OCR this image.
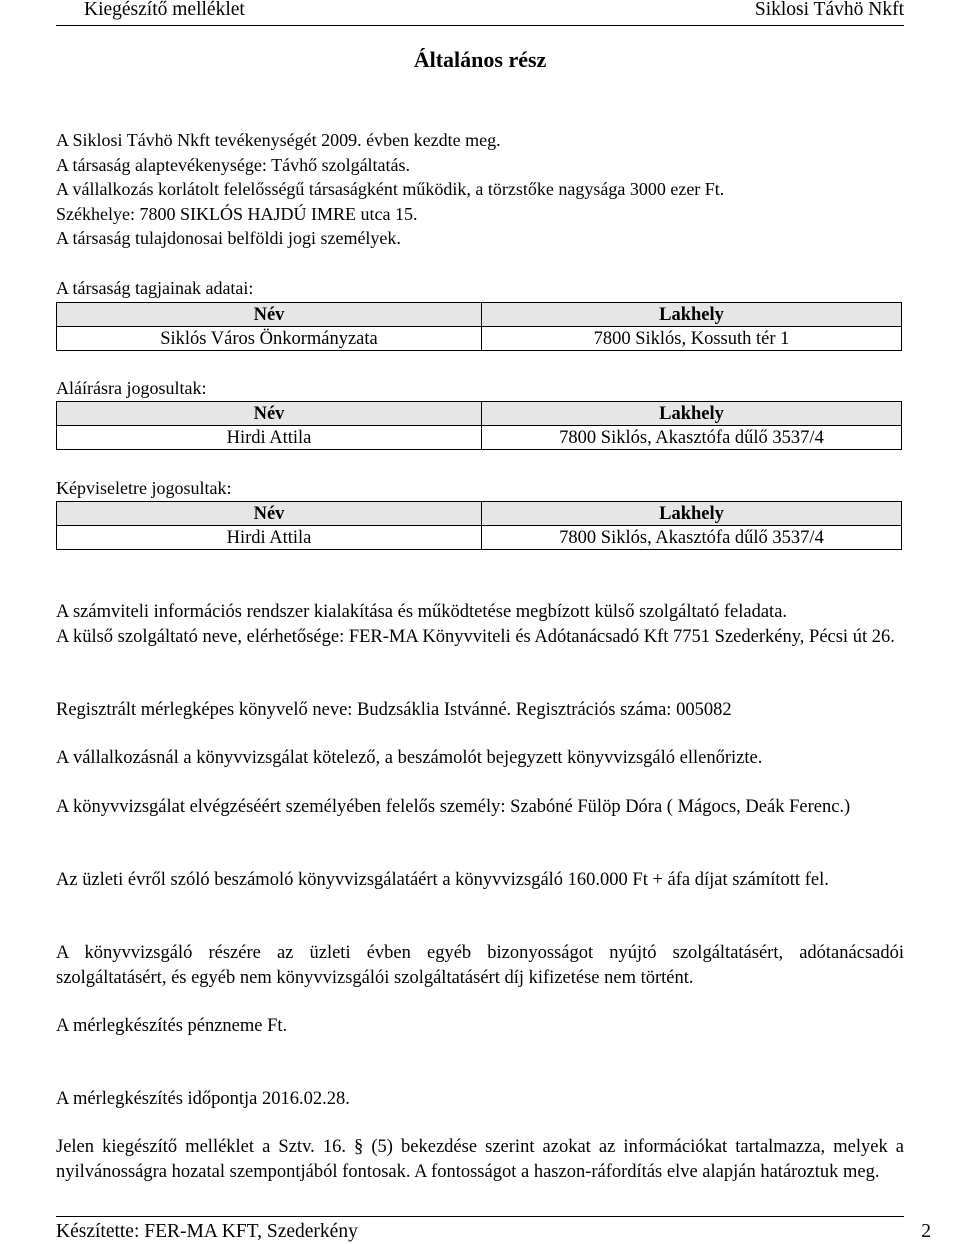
Kiegészítő melléklet	Siklosi Távhö Nkft
Általános rész
A Siklosi Távhö Nkft tevékenységét 2009. évben kezdte meg.
A társaság alaptevékenysége: Távhő szolgáltatás.
A vállalkozás korlátolt felelősségű társaságként működik, a törzstőke nagysága 3000 ezer Ft.
Székhelye: 7800 SIKLÓS HAJDÚ IMRE utca 15.
A társaság tulajdonosai belföldi jogi személyek.
A társaság tagjainak adatai:
Név	Lakhely
Siklós Város Önkormányzata	7800 Siklós, Kossuth tér 1
Aláírásra jogosultak:
Név	Lakhely
Hirdi Attila	7800 Siklós, Akasztófa dűlő 3537/4
Képviseletre jogosultak:
Név	Lakhely
Hirdi Attila	7800 Siklós, Akasztófa dűlő 3537/4
A számviteli információs rendszer kialakítása és működtetése megbízott külső szolgáltató feladata.
A külső szolgáltató neve, elérhetősége: FER-MA Könyvviteli és Adótanácsadó Kft 7751 Szederkény, Pécsi út 26.
Regisztrált mérlegképes könyvelő neve: Budzsáklia Istvánné. Regisztrációs száma: 005082
A vállalkozásnál a könyvvizsgálat kötelező, a beszámolót bejegyzett könyvvizsgáló ellenőrizte.
A könyvvizsgálat elvégzéséért személyében felelős személy: Szabóné Fülöp Dóra ( Mágocs, Deák Ferenc.)
Az üzleti évről szóló beszámoló könyvvizsgálatáért a könyvvizsgáló 160.000 Ft + áfa díjat számított fel.
A könyvvizsgáló részére az üzleti évben egyéb bizonyosságot nyújtó szolgáltatásért, adótanácsadói szolgáltatásért, és egyéb nem könyvvizsgálói szolgáltatásért díj kifizetése nem történt.
A mérlegkészítés pénzneme Ft.
A mérlegkészítés időpontja 2016.02.28.
Jelen kiegészítő melléklet a Sztv. 16. § (5) bekezdése szerint azokat az információkat tartalmazza, melyek a nyilvánosságra hozatal szempontjából fontosak. A fontosságot a haszon-ráfordítás elve alapján határoztuk meg.
Készítette: FER-MA KFT, Szederkény	2
